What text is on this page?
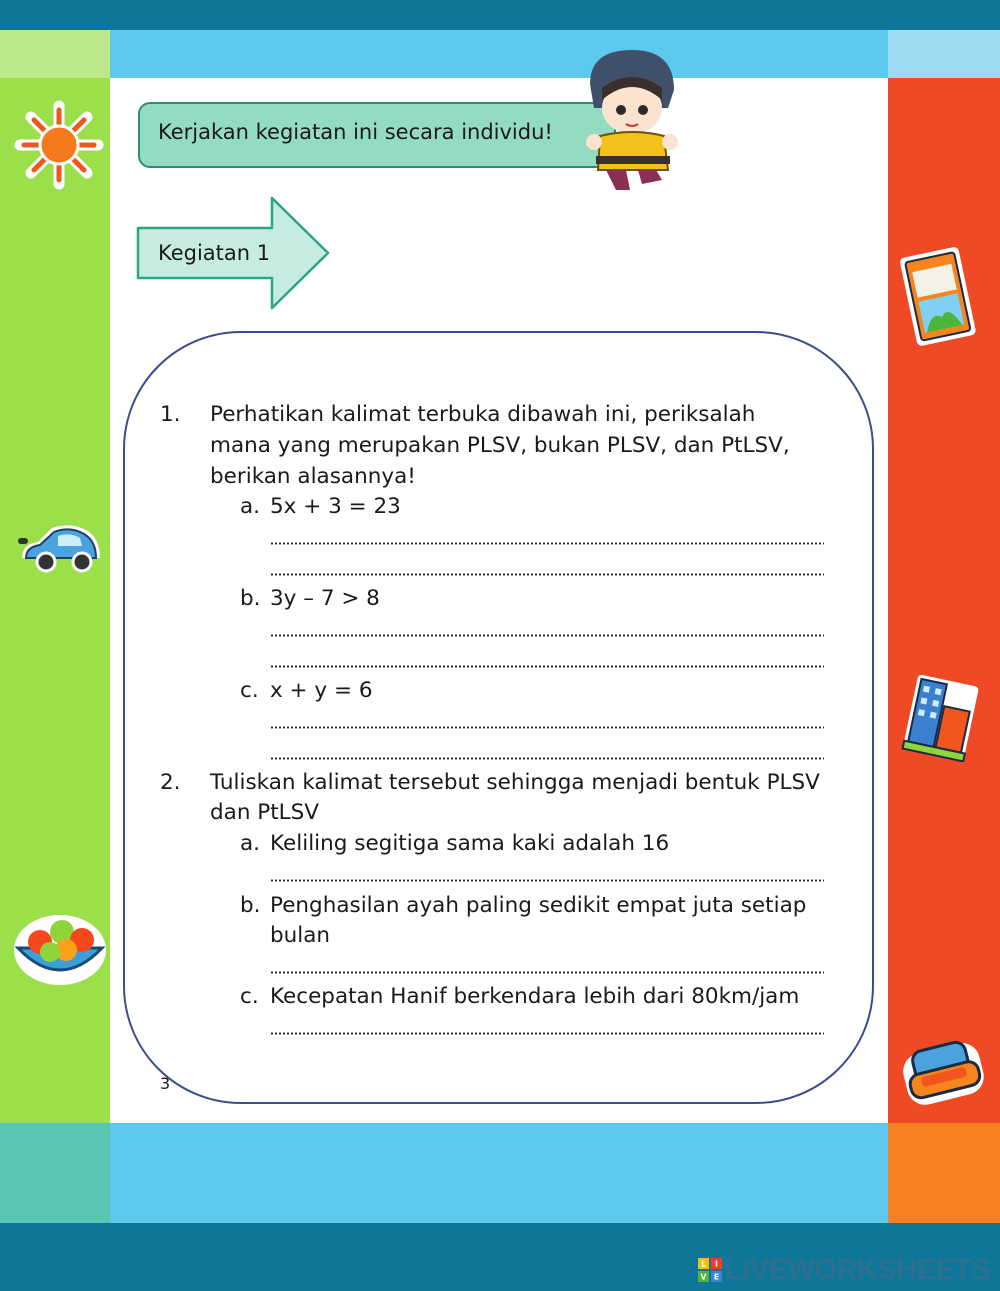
Kerjakan kegiatan ini secara individu!
Kegiatan 1
1. Perhatikan kalimat terbuka dibawah ini, periksalah
mana yang merupakan PLSV, bukan PLSV, dan PtLSV,
berikan alasannya!
a. 5x + 3 = 23
b. 3y – 7 > 8
c. x + y = 6
2. Tuliskan kalimat tersebut sehingga menjadi bentuk PLSV
dan PtLSV
a. Keliling segitiga sama kaki adalah 16
b. Penghasilan ayah paling sedikit empat juta setiap
bulan
c. Kecepatan Hanif berkendara lebih dari 80km/jam
3
L I
V E LIVEWORKSHEETS
